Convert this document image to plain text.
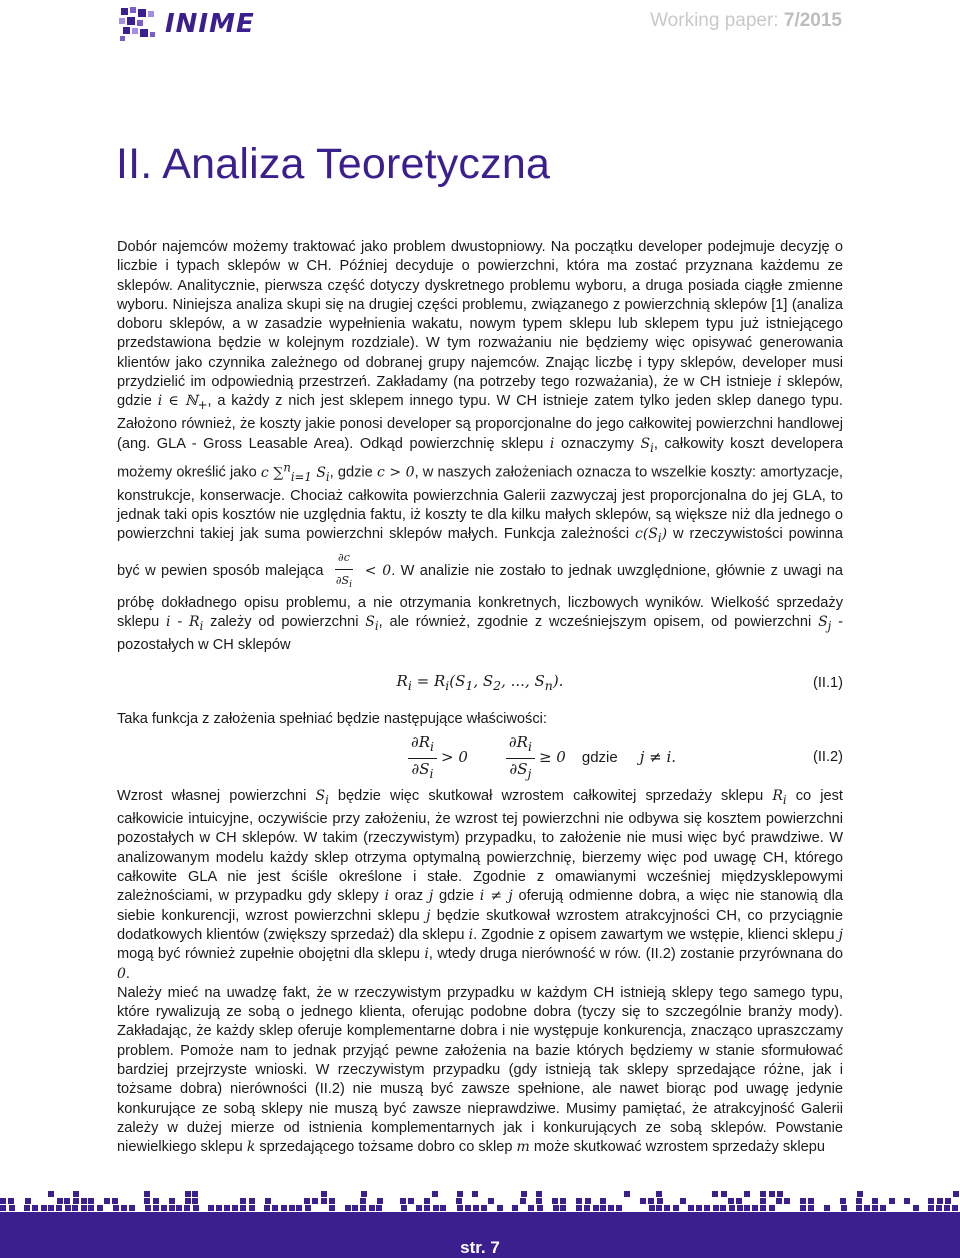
INIME	Working paper: 7/2015
II. Analiza Teoretyczna

Dobór najemców możemy traktować jako problem dwustopniowy. Na początku developer podejmuje decyzję o liczbie i typach sklepów w CH. Później decyduje o powierzchni, która ma zostać przyznana każdemu ze sklepów. Analitycznie, pierwsza część dotyczy dyskretnego problemu wyboru, a druga posiada ciągłe zmienne wyboru. Niniejsza analiza skupi się na drugiej części problemu, związanego z powierzchnią sklepów [1] (analiza doboru sklepów, a w zasadzie wypełnienia wakatu, nowym typem sklepu lub sklepem typu już istniejącego przedstawiona będzie w kolejnym rozdziale). W tym rozważaniu nie będziemy więc opisywać generowania klientów jako czynnika zależnego od dobranej grupy najemców. Znając liczbę i typy sklepów, developer musi przydzielić im odpowiednią przestrzeń. Zakładamy (na potrzeby tego rozważania), że w CH istnieje i sklepów, gdzie i ∈ ℕ$_+$, a każdy z nich jest sklepem innego typu. W CH istnieje zatem tylko jeden sklep danego typu. Założono również, że koszty jakie ponosi developer są proporcjonalne do jego całkowitej powierzchni handlowej (ang. GLA - Gross Leasable Area). Odkąd powierzchnię sklepu i oznaczymy $S_i$, całkowity koszt developera możemy określić jako c ∑$^n_{i=1}$ $S_i$, gdzie c > 0, w naszych założeniach oznacza to wszelkie koszty: amortyzacje, konstrukcje, konserwacje. Chociaż całkowita powierzchnia Galerii zazwyczaj jest proporcjonalna do jej GLA, to jednak taki opis kosztów nie uzględnia faktu, iż koszty te dla kilku małych sklepów, są większe niż dla jednego o powierzchni takiej jak suma powierzchni sklepów małych. Funkcja zależności $c(S_i)$ w rzeczywistości powinna być w pewien sposób malejąca $\frac{\partial c}{\partial S_i} < 0$. W analizie nie zostało to jednak uwzględnione, głównie z uwagi na próbę dokładnego opisu problemu, a nie otrzymania konkretnych, liczbowych wyników. Wielkość sprzedaży sklepu i - $R_i$ zależy od powierzchni $S_i$, ale również, zgodnie z wcześniejszym opisem, od powierzchni $S_j$ - pozostałych w CH sklepów

$R_i = R_i(S_1$, $S_2$, ..., $S_n$).	(II.1)

Taka funkcja z założenia spełniać będzie następujące właściwości:

$\frac{\partial R_i}{\partial S_i} > 0$	$\frac{\partial R_i}{\partial S_j} \ge 0$ gdzie j ≠ i.	(II.2)

Wzrost własnej powierzchni $S_i$ będzie więc skutkował wzrostem całkowitej sprzedaży sklepu $R_i$ co jest całkowicie intuicyjne, oczywiście przy założeniu, że wzrost tej powierzchni nie odbywa się kosztem powierzchni pozostałych w CH sklepów. W takim (rzeczywistym) przypadku, to założenie nie musi więc być prawdziwe. W analizowanym modelu każdy sklep otrzyma optymalną powierzchnię, bierzemy więc pod uwagę CH, którego całkowite GLA nie jest ściśle określone i stałe. Zgodnie z omawianymi wcześniej międzysklepowymi zależnościami, w przypadku gdy sklepy i oraz j gdzie i ≠ j oferują odmienne dobra, a więc nie stanowią dla siebie konkurencji, wzrost powierzchni sklepu j będzie skutkował wzrostem atrakcyjności CH, co przyciągnie dodatkowych klientów (zwiększy sprzedaż) dla sklepu i. Zgodnie z opisem zawartym we wstępie, klienci sklepu j mogą być również zupełnie obojętni dla sklepu i, wtedy druga nierówność w rów. (II.2) zostanie przyrównana do 0.

Należy mieć na uwadzę fakt, że w rzeczywistym przypadku w każdym CH istnieją sklepy tego samego typu, które rywalizują ze sobą o jednego klienta, oferując podobne dobra (tyczy się to szczególnie branży mody). Zakładając, że każdy sklep oferuje komplementarne dobra i nie występuje konkurencja, znacząco upraszczamy problem. Pomoże nam to jednak przyjąć pewne założenia na bazie których będziemy w stanie sformułować bardziej przejrzyste wnioski. W rzeczywistym przypadku (gdy istnieją tak sklepy sprzedające różne, jak i tożsame dobra) nierówności (II.2) nie muszą być zawsze spełnione, ale nawet biorąc pod uwagę jedynie konkurujące ze sobą sklepy nie muszą być zawsze nieprawdziwe. Musimy pamiętać, że atrakcyjność Galerii zależy w dużej mierze od istnienia komplementarnych jak i konkurujących ze sobą sklepów. Powstanie niewielkiego sklepu k sprzedającego tożsame dobro co sklep m może skutkować wzrostem sprzedaży sklepu

str. 7
